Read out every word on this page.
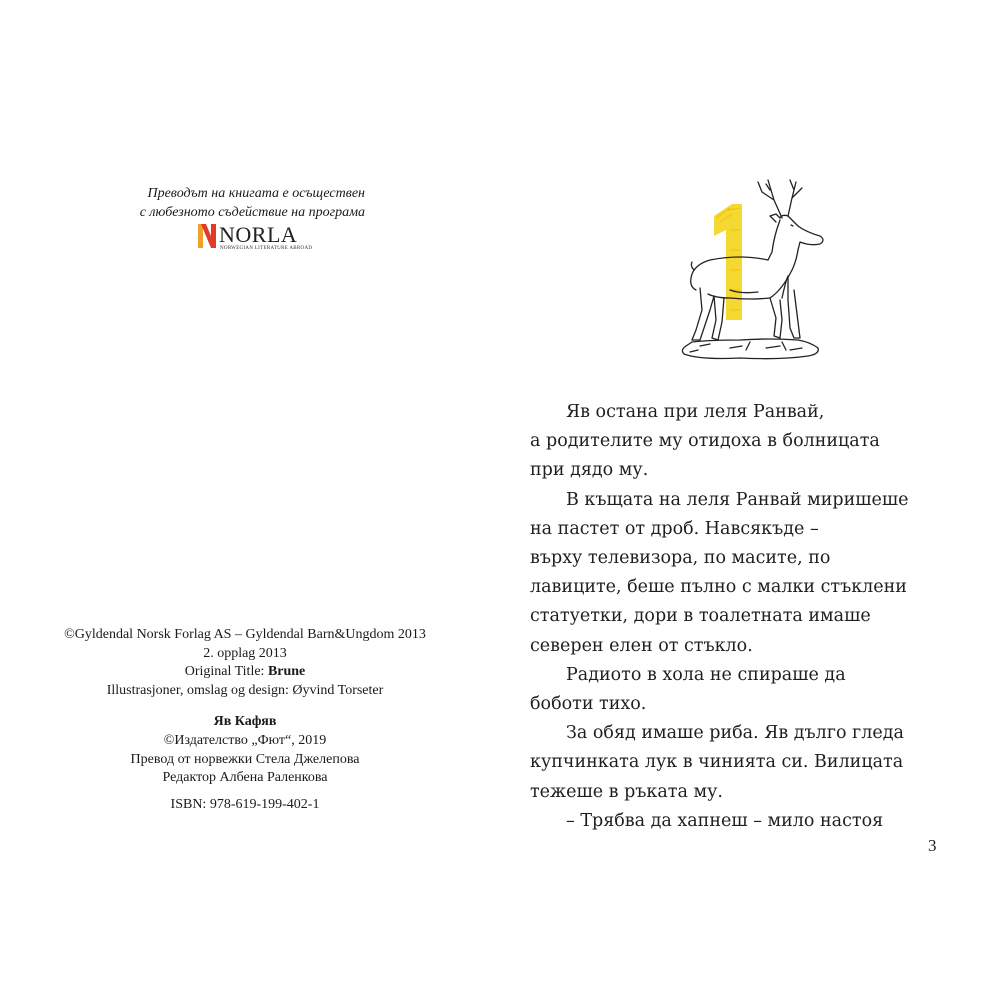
Преводът на книгата е осъществен
с любезното съдействие на програма
NORLA
NORWEGIAN LITERATURE ABROAD
©Gyldendal Norsk Forlag AS – Gyldendal Barn&Ungdom 2013
2. opplag 2013
Original Title: Brune
Illustrasjoner, omslag og design: Øyvind Torseter
Яв Кафяв
©Издателство „Фют“, 2019
Превод от норвежки Стела Джелепова
Редактор Албена Раленкова
ISBN: 978-619-199-402-1
1

Яв остана при леля Ранвай,

а родителите му отидоха в болницата

при дядо му.

В къщата на леля Ранвай миришеше

на пастет от дроб. Навсякъде –

върху телевизора, по масите, по

лавиците, беше пълно с малки стъклени

статуетки, дори в тоалетната имаше

северен елен от стъкло.

Радиото в хола не спираше да

боботи тихо.

За обяд имаше риба. Яв дълго гледа

купчинката лук в чинията си. Вилицата

тежеше в ръката му.

– Трябва да хапнеш – мило настоя

3
